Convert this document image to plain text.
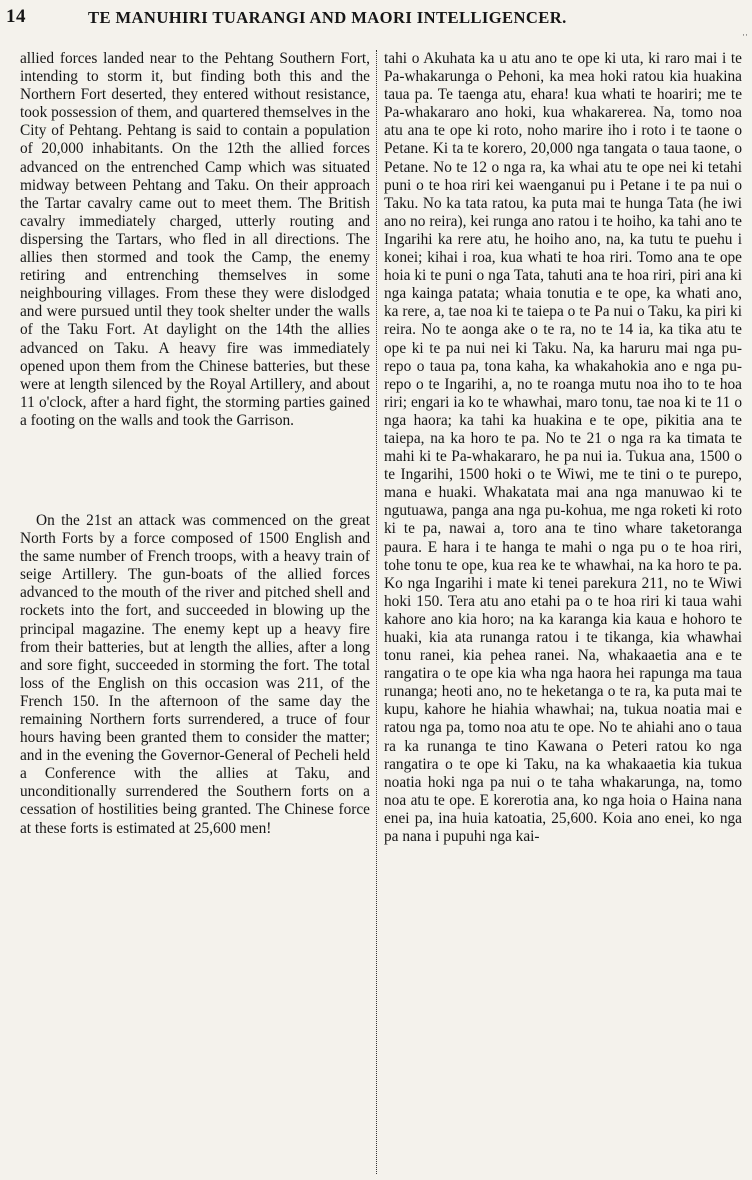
14	TE MANUHIRI TUARANGI AND MAORI INTELLIGENCER.
··

allied forces landed near to the Pehtang Southern Fort, intending to storm it, but finding both this and the Northern Fort deserted, they entered without resistance, took possession of them, and quartered themselves in the City of Pehtang. Pehtang is said to contain a population of 20,000 inhabitants. On the 12th the allied forces advanced on the entrenched Camp which was situated midway between Pehtang and Taku. On their approach the Tartar cavalry came out to meet them. The British cavalry immediately charged, utterly routing and dispersing the Tartars, who fled in all directions. The allies then stormed and took the Camp, the enemy retiring and entrenching themselves in some neighbouring villages. From these they were dislodged and were pursued until they took shelter under the walls of the Taku Fort. At daylight on the 14th the allies advanced on Taku. A heavy fire was immediately opened upon them from the Chinese batteries, but these were at length silenced by the Royal Artillery, and about 11 o'clock, after a hard fight, the storming parties gained a footing on the walls and took the Garrison.

On the 21st an attack was commenced on the great North Forts by a force composed of 1500 English and the same number of French troops, with a heavy train of seige Artillery. The gun-boats of the allied forces advanced to the mouth of the river and pitched shell and rockets into the fort, and succeeded in blowing up the principal magazine. The enemy kept up a heavy fire from their batteries, but at length the allies, after a long and sore fight, succeeded in storming the fort. The total loss of the English on this occasion was 211, of the French 150. In the afternoon of the same day the remaining Northern forts surrendered, a truce of four hours having been granted them to consider the matter; and in the evening the Governor-General of Pecheli held a Conference with the allies at Taku, and unconditionally surrendered the Southern forts on a cessation of hostilities being granted. The Chinese force at these forts is estimated at 25,600 men!

tahi o Akuhata ka u atu ano te ope ki uta, ki raro mai i te Pa-whakarunga o Pehoni, ka mea hoki ratou kia huakina taua pa. Te taenga atu, ehara! kua whati te hoariri; me te Pa-whakararo ano hoki, kua whakarerea. Na, tomo noa atu ana te ope ki roto, noho marire iho i roto i te taone o Petane. Ki ta te korero, 20,000 nga tangata o taua taone, o Petane. No te 12 o nga ra, ka whai atu te ope nei ki tetahi puni o te hoa riri kei waenganui pu i Petane i te pa nui o Taku. No ka tata ratou, ka puta mai te hunga Tata (he iwi ano no reira), kei runga ano ratou i te hoiho, ka tahi ano te Ingarihi ka rere atu, he hoiho ano, na, ka tutu te puehu i konei; kihai i roa, kua whati te hoa riri. Tomo ana te ope hoia ki te puni o nga Tata, tahuti ana te hoa riri, piri ana ki nga kainga patata; whaia tonutia e te ope, ka whati ano, ka rere, a, tae noa ki te taiepa o te Pa nui o Taku, ka piri ki reira. No te aonga ake o te ra, no te 14 ia, ka tika atu te ope ki te pa nui nei ki Taku. Na, ka haruru mai nga pu-repo o taua pa, tona kaha, ka whakahokia ano e nga pu-repo o te Ingarihi, a, no te roanga mutu noa iho to te hoa riri; engari ia ko te whawhai, maro tonu, tae noa ki te 11 o nga haora; ka tahi ka huakina e te ope, pikitia ana te taiepa, na ka horo te pa. No te 21 o nga ra ka timata te mahi ki te Pa-whakararo, he pa nui ia. Tukua ana, 1500 o te Ingarihi, 1500 hoki o te Wiwi, me te tini o te purepo, mana e huaki. Whakatata mai ana nga manuwao ki te ngutuawa, panga ana nga pu-kohua, me nga roketi ki roto ki te pa, nawai a, toro ana te tino whare taketoranga paura. E hara i te hanga te mahi o nga pu o te hoa riri, tohe tonu te ope, kua rea ke te whawhai, na ka horo te pa. Ko nga Ingarihi i mate ki tenei parekura 211, no te Wiwi hoki 150. Tera atu ano etahi pa o te hoa riri ki taua wahi kahore ano kia horo; na ka karanga kia kaua e hohoro te huaki, kia ata runanga ratou i te tikanga, kia whawhai tonu ranei, kia pehea ranei. Na, whakaaetia ana e te rangatira o te ope kia wha nga haora hei rapunga ma taua runanga; heoti ano, no te heketanga o te ra, ka puta mai te kupu, kahore he hiahia whawhai; na, tukua noatia mai e ratou nga pa, tomo noa atu te ope. No te ahiahi ano o taua ra ka runanga te tino Kawana o Peteri ratou ko nga rangatira o te ope ki Taku, na ka whakaaetia kia tukua noatia hoki nga pa nui o te taha whakarunga, na, tomo noa atu te ope. E korerotia ana, ko nga hoia o Haina nana enei pa, ina huia katoatia, 25,600. Koia ano enei, ko nga pa nana i pupuhi nga kai-
